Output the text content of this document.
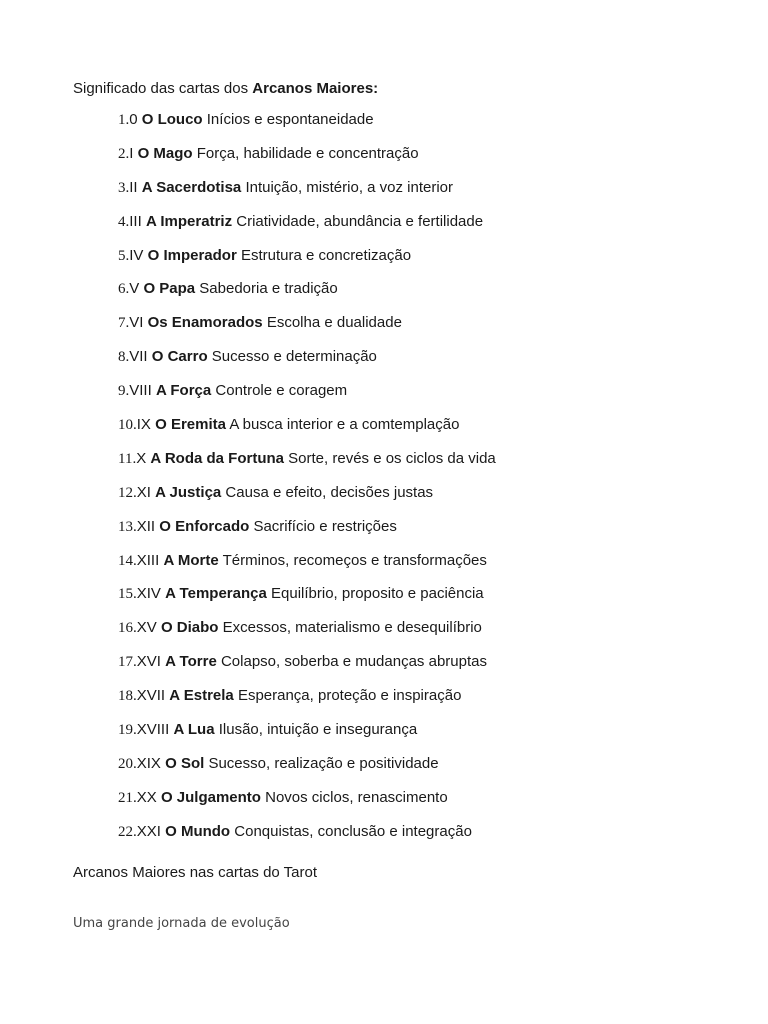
Significado das cartas dos Arcanos Maiores:
1.0 O Louco Inícios e espontaneidade
2.I O Mago Força, habilidade e concentração
3.II A Sacerdotisa Intuição, mistério, a voz interior
4.III A Imperatriz Criatividade, abundância e fertilidade
5.IV O Imperador Estrutura e concretização
6.V O Papa Sabedoria e tradição
7.VI Os Enamorados Escolha e dualidade
8.VII O Carro Sucesso e determinação
9.VIII A Força Controle e coragem
10.IX O Eremita A busca interior e a comtemplação
11.X A Roda da Fortuna Sorte, revés e os ciclos da vida
12.XI A Justiça Causa e efeito, decisões justas
13.XII O Enforcado Sacrifício e restrições
14.XIII A Morte Términos, recomeços e transformações
15.XIV A Temperança Equilíbrio, proposito e paciência
16.XV O Diabo Excessos, materialismo e desequilíbrio
17.XVI A Torre Colapso, soberba e mudanças abruptas
18.XVII A Estrela Esperança, proteção e inspiração
19.XVIII A Lua Ilusão, intuição e insegurança
20.XIX O Sol Sucesso, realização e positividade
21.XX O Julgamento Novos ciclos, renascimento
22.XXI O Mundo Conquistas, conclusão e integração
Arcanos Maiores nas cartas do Tarot
Uma grande jornada de evolução
